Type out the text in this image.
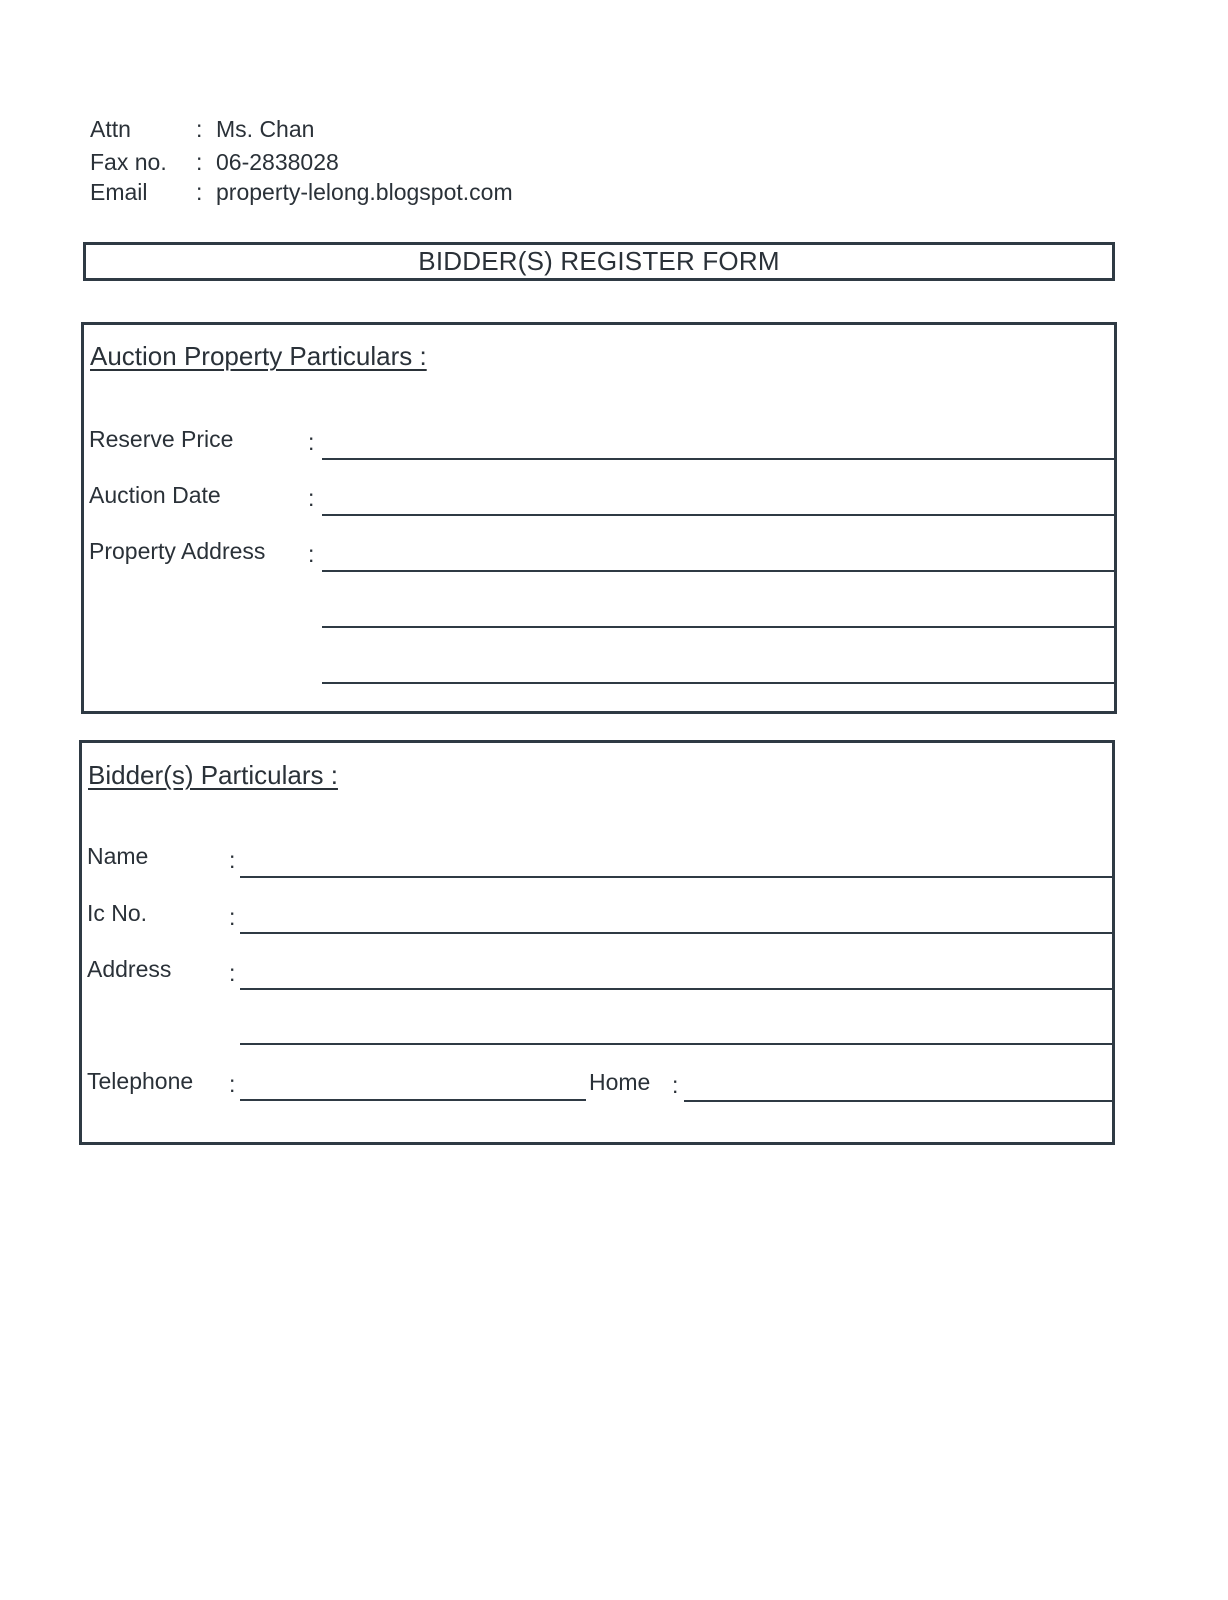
Attn	: Ms. Chan
Fax no. : 06-2838028
Email : property-lelong.blogspot.com
BIDDER(S) REGISTER FORM
Auction Property Particulars :
Reserve Price	:
Auction Date	:
Property Address :
Bidder(s) Particulars :
Name	:
Ic No.	:
Address	:
Telephone :	Home :
